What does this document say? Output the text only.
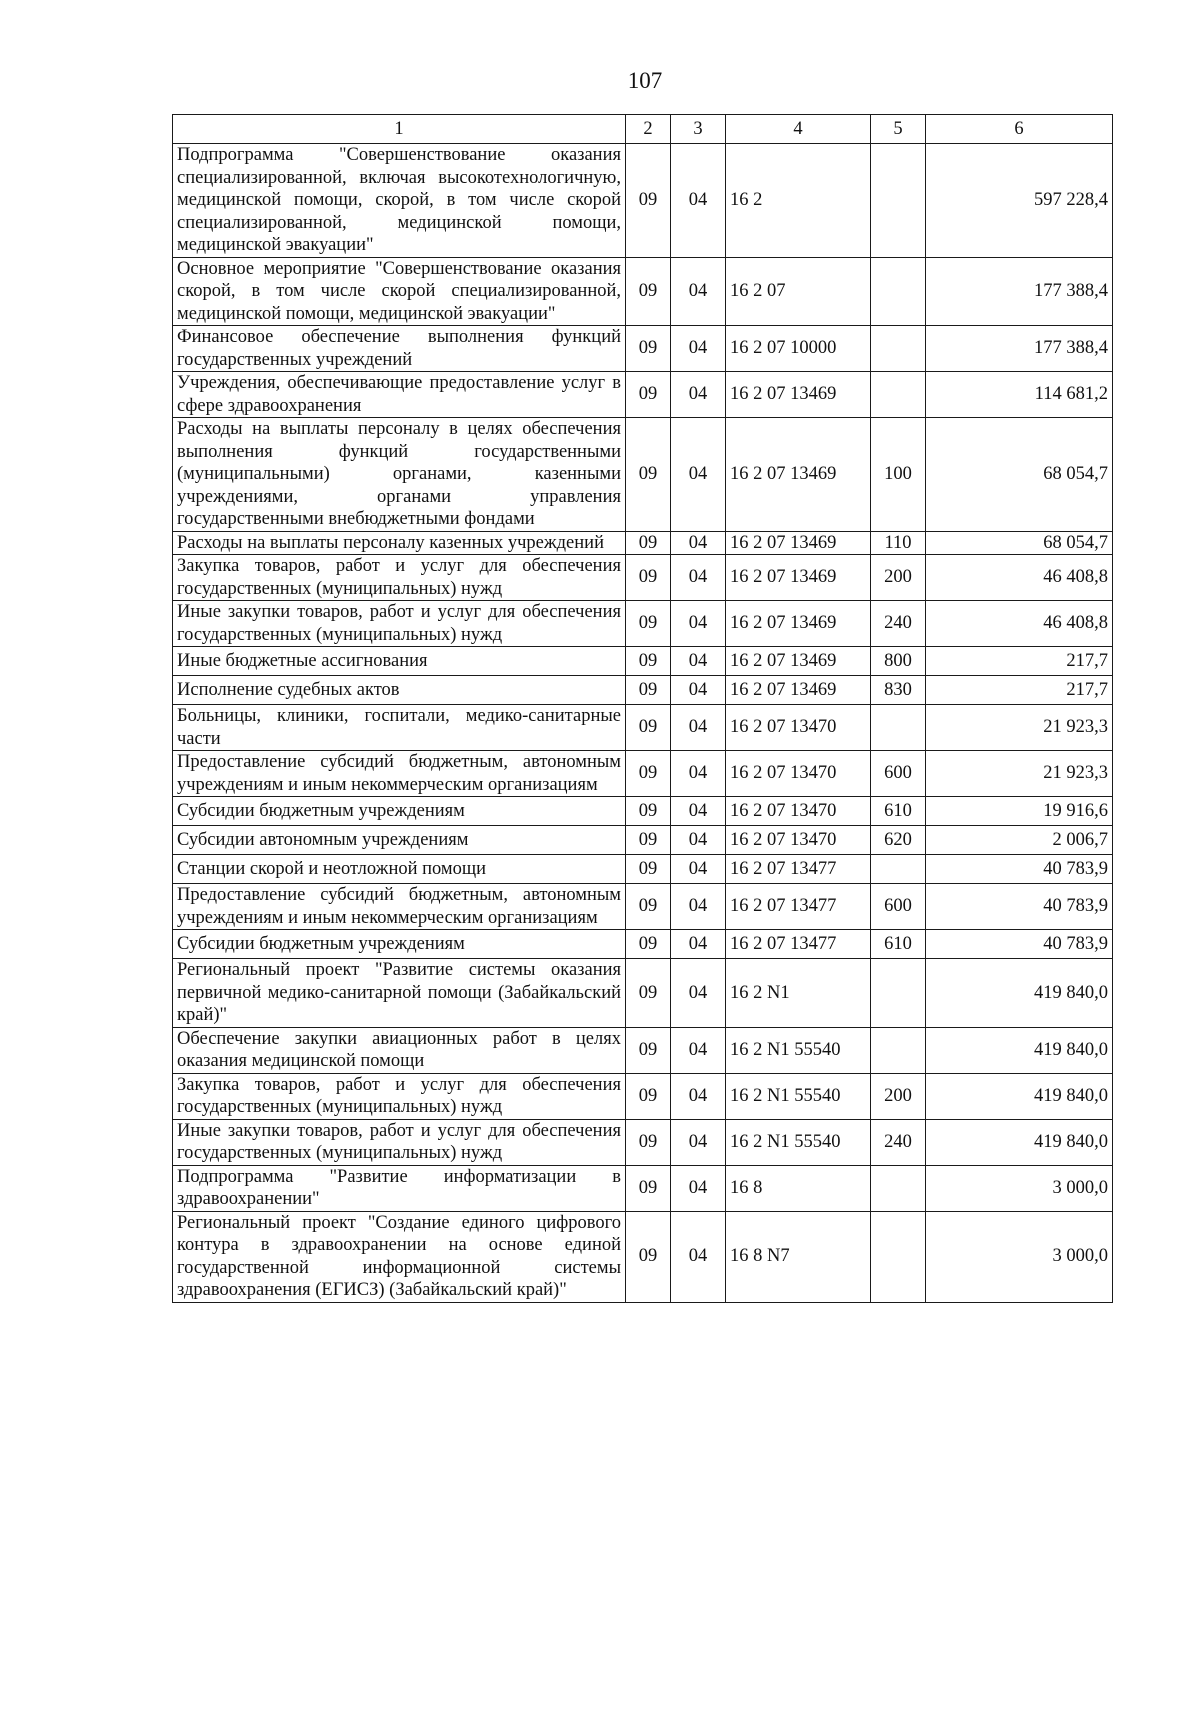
107
1	2	3	4	5	6
Подпрограмма "Совершенствование оказания специализированной, включая высокотехнологичную, медицинской помощи, скорой, в том числе скорой специализированной, медицинской помощи, медицинской эвакуации"	09	04	16 2		597 228,4
Основное мероприятие "Совершенствование оказания скорой, в том числе скорой специализированной, медицинской помощи, медицинской эвакуации"	09	04	16 2 07		177 388,4
Финансовое обеспечение выполнения функций государственных учреждений	09	04	16 2 07 10000		177 388,4
Учреждения, обеспечивающие предоставление услуг в сфере здравоохранения	09	04	16 2 07 13469		114 681,2
Расходы на выплаты персоналу в целях обеспечения выполнения функций государственными (муниципальными) органами, казенными учреждениями, органами управления государственными внебюджетными фондами	09	04	16 2 07 13469	100	68 054,7
Расходы на выплаты персоналу казенных учреждений	09	04	16 2 07 13469	110	68 054,7
Закупка товаров, работ и услуг для обеспечения государственных (муниципальных) нужд	09	04	16 2 07 13469	200	46 408,8
Иные закупки товаров, работ и услуг для обеспечения государственных (муниципальных) нужд	09	04	16 2 07 13469	240	46 408,8
Иные бюджетные ассигнования	09	04	16 2 07 13469	800	217,7
Исполнение судебных актов	09	04	16 2 07 13469	830	217,7
Больницы, клиники, госпитали, медико-санитарные части	09	04	16 2 07 13470		21 923,3
Предоставление субсидий бюджетным, автономным учреждениям и иным некоммерческим организациям	09	04	16 2 07 13470	600	21 923,3
Субсидии бюджетным учреждениям	09	04	16 2 07 13470	610	19 916,6
Субсидии автономным учреждениям	09	04	16 2 07 13470	620	2 006,7
Станции скорой и неотложной помощи	09	04	16 2 07 13477		40 783,9
Предоставление субсидий бюджетным, автономным учреждениям и иным некоммерческим организациям	09	04	16 2 07 13477	600	40 783,9
Субсидии бюджетным учреждениям	09	04	16 2 07 13477	610	40 783,9
Региональный проект "Развитие системы оказания первичной медико-санитарной помощи (Забайкальский край)"	09	04	16 2 N1		419 840,0
Обеспечение закупки авиационных работ в целях оказания медицинской помощи	09	04	16 2 N1 55540		419 840,0
Закупка товаров, работ и услуг для обеспечения государственных (муниципальных) нужд	09	04	16 2 N1 55540	200	419 840,0
Иные закупки товаров, работ и услуг для обеспечения государственных (муниципальных) нужд	09	04	16 2 N1 55540	240	419 840,0
Подпрограмма "Развитие информатизации в здравоохранении"	09	04	16 8		3 000,0
Региональный проект "Создание единого цифрового контура в здравоохранении на основе единой государственной информационной системы здравоохранения (ЕГИСЗ) (Забайкальский край)"	09	04	16 8 N7		3 000,0
